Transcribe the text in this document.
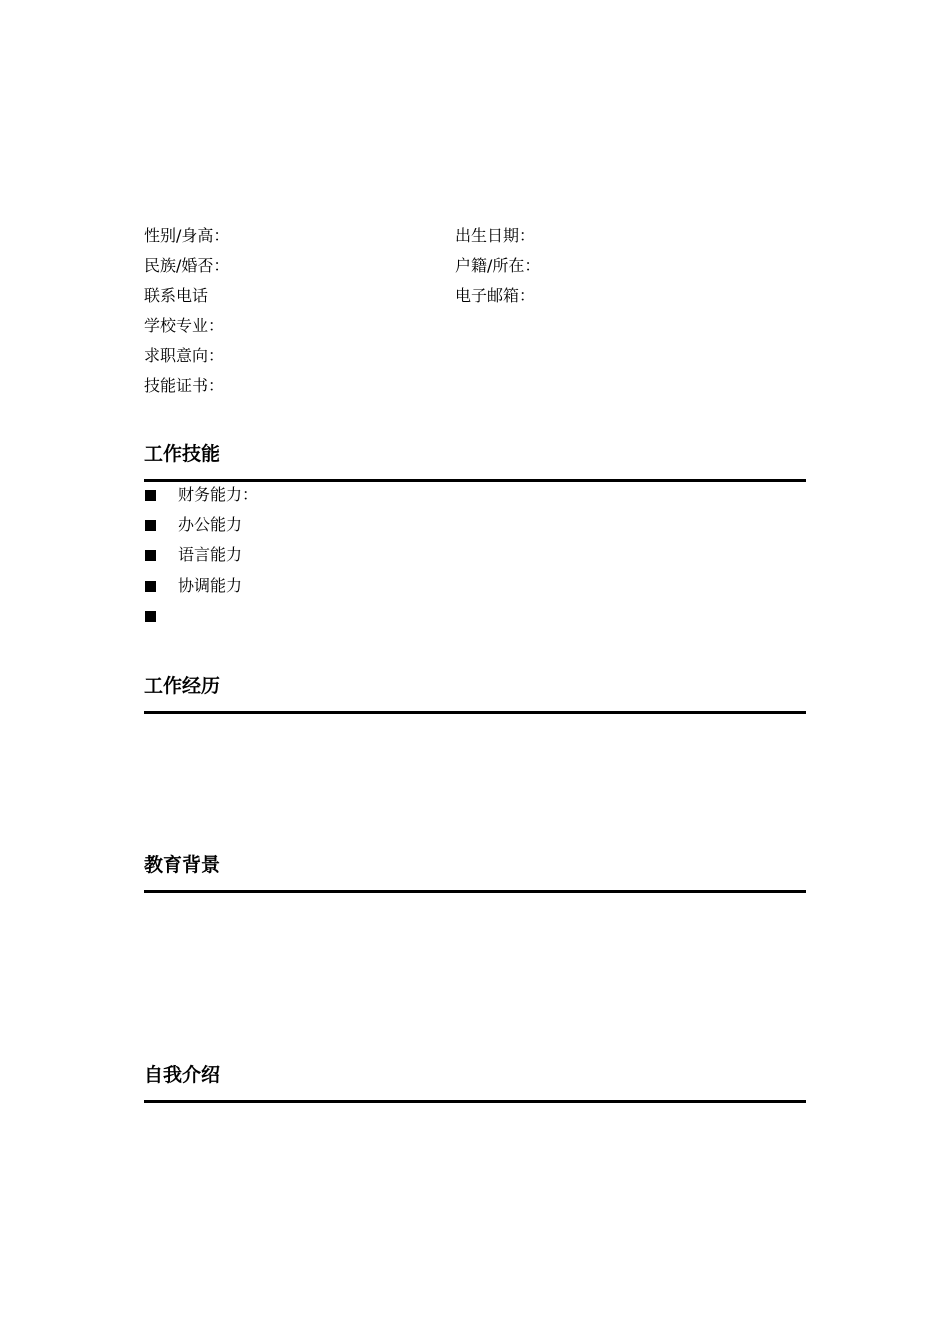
性别/身高：	出生日期：
民族/婚否：	户籍/所在：
联系电话	电子邮箱：
学校专业：
求职意向：
技能证书：
工作技能
财务能力：
办公能力
语言能力
协调能力
工作经历
教育背景
自我介绍
